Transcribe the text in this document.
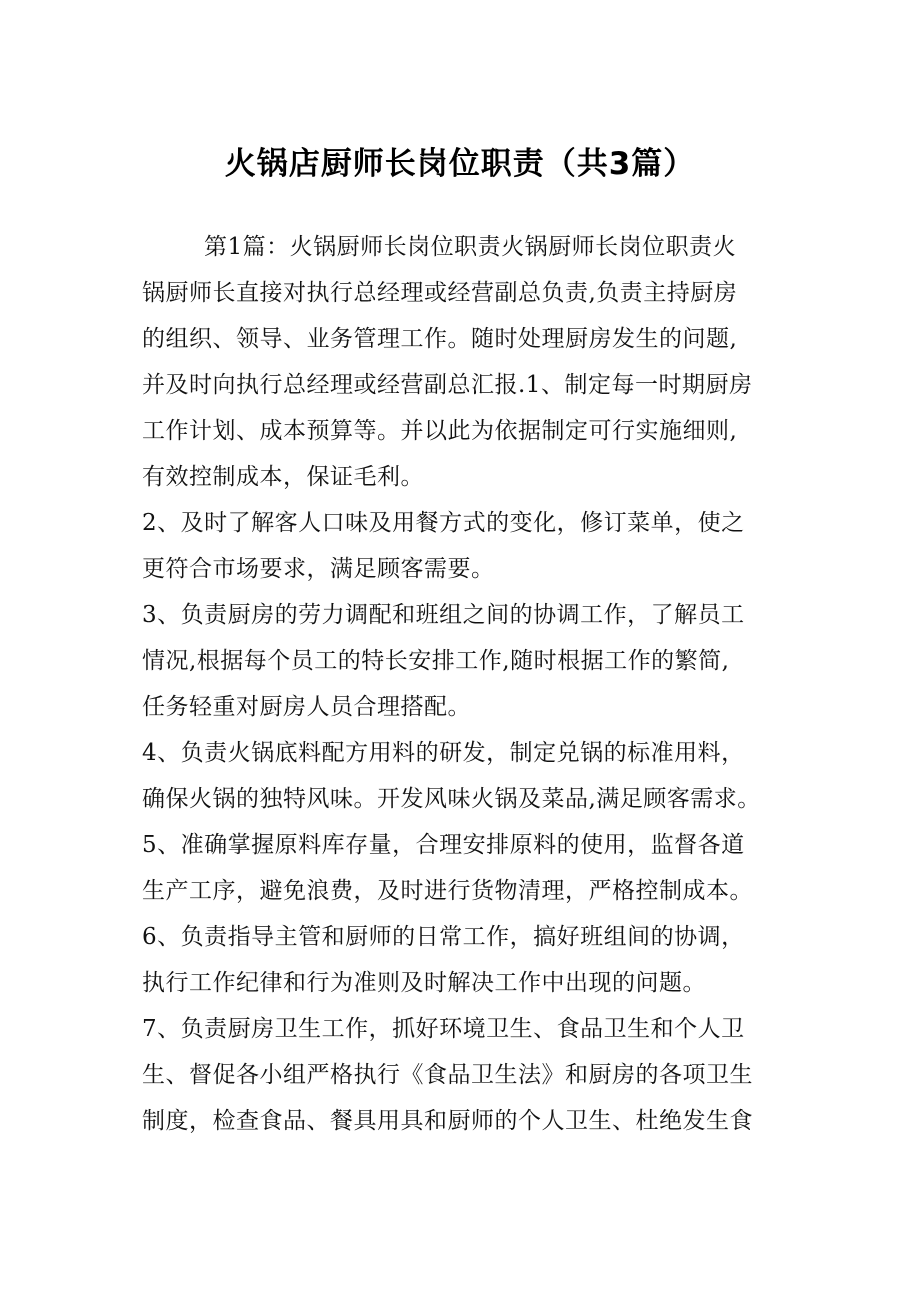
火锅店厨师长岗位职责（共3篇）
第1篇：火锅厨师长岗位职责火锅厨师长岗位职责火
锅厨师长直接对执行总经理或经营副总负责,负责主持厨房
的组织、领导、业务管理工作。随时处理厨房发生的问题,
并及时向执行总经理或经营副总汇报.1、制定每一时期厨房
工作计划、成本预算等。并以此为依据制定可行实施细则,
有效控制成本，保证毛利。
2、及时了解客人口味及用餐方式的变化，修订菜单，使之
更符合市场要求，满足顾客需要。
3、负责厨房的劳力调配和班组之间的协调工作，了解员工
情况,根据每个员工的特长安排工作,随时根据工作的繁简,
任务轻重对厨房人员合理搭配。
4、负责火锅底料配方用料的研发，制定兑锅的标准用料，
确保火锅的独特风味。开发风味火锅及菜品,满足顾客需求。
5、准确掌握原料库存量，合理安排原料的使用，监督各道
生产工序，避免浪费，及时进行货物清理，严格控制成本。
6、负责指导主管和厨师的日常工作，搞好班组间的协调，
执行工作纪律和行为准则及时解决工作中出现的问题。
7、负责厨房卫生工作，抓好环境卫生、食品卫生和个人卫
生、督促各小组严格执行《食品卫生法》和厨房的各项卫生
制度，检查食品、餐具用具和厨师的个人卫生、杜绝发生食
